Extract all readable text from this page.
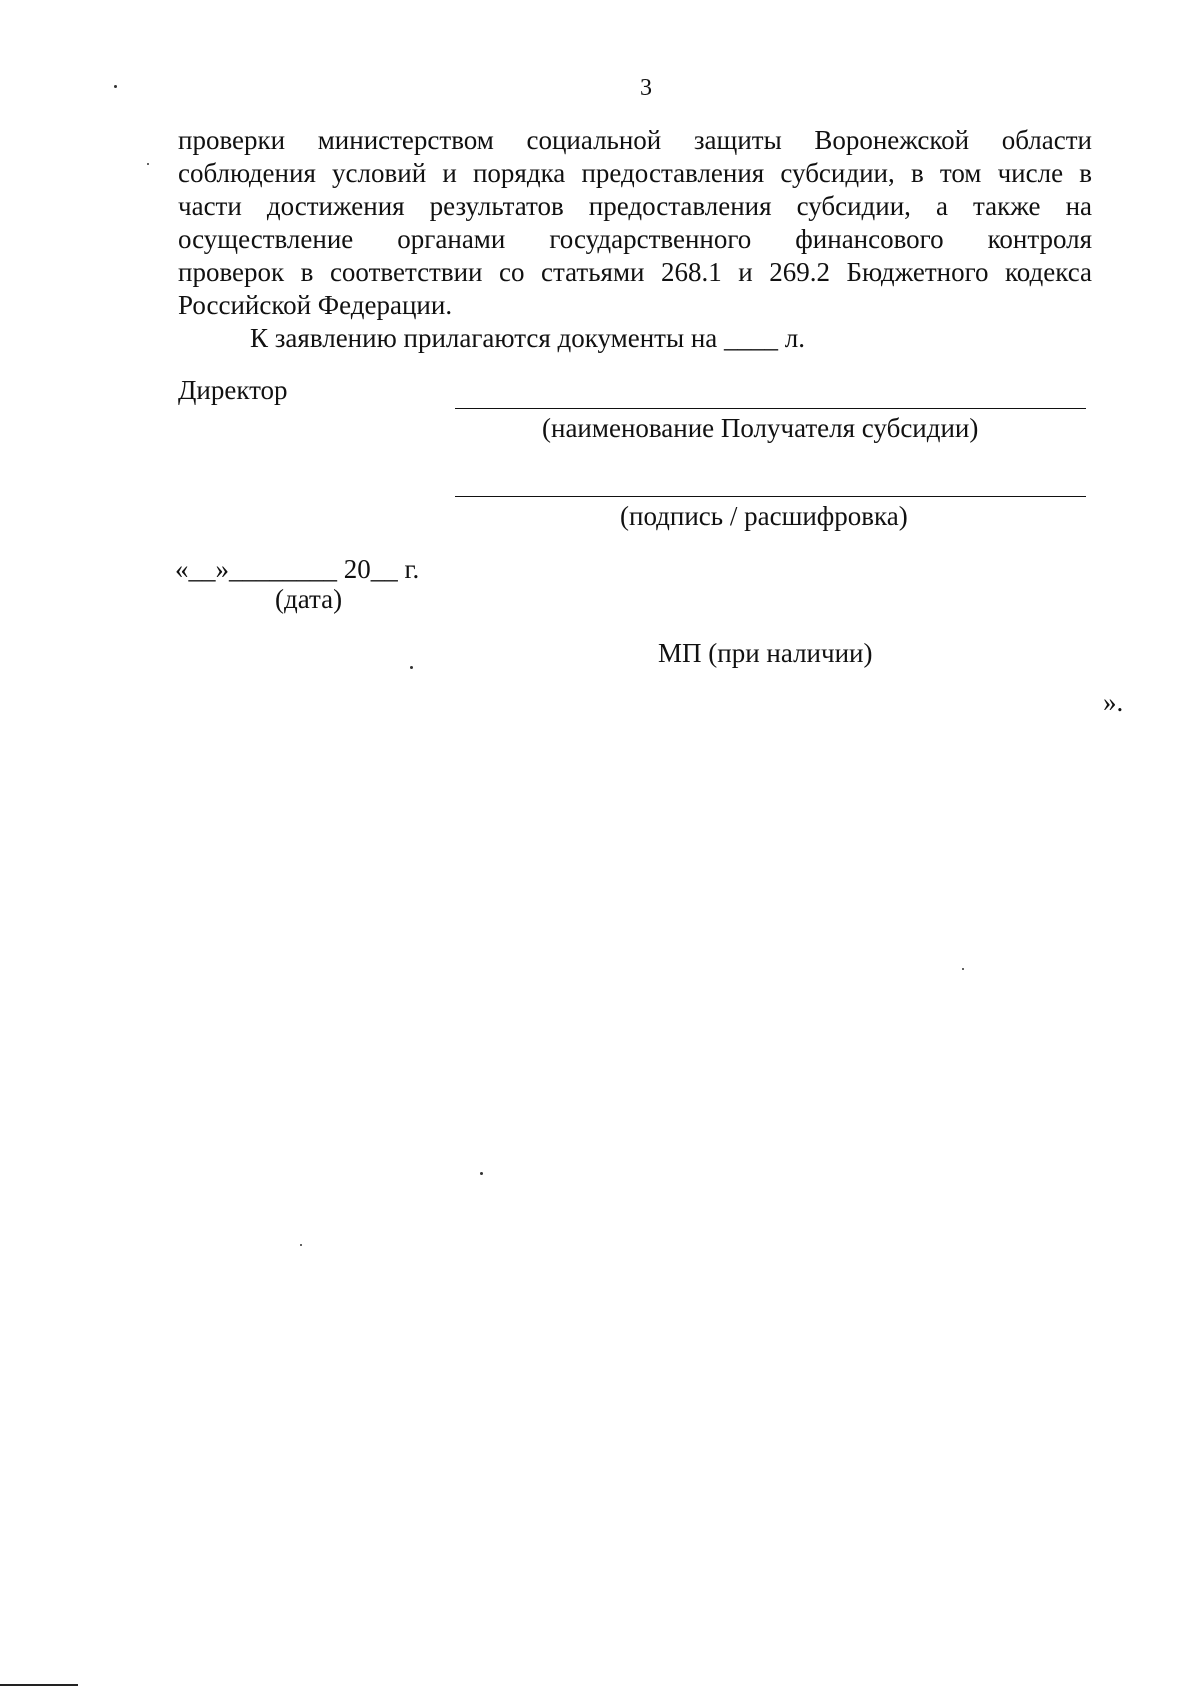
3
проверки министерством социальной защиты Воронежской области
соблюдения условий и порядка предоставления субсидии, в том числе в
части достижения результатов предоставления субсидии, а также на
осуществление органами государственного финансового контроля
проверок в соответствии со статьями 268.1 и 269.2 Бюджетного кодекса
Российской Федерации.
К заявлению прилагаются документы на ____ л.
Директор
(наименование Получателя субсидии)
(подпись / расшифровка)
«__»________ 20__ г.
(дата)
МП (при наличии)
».
